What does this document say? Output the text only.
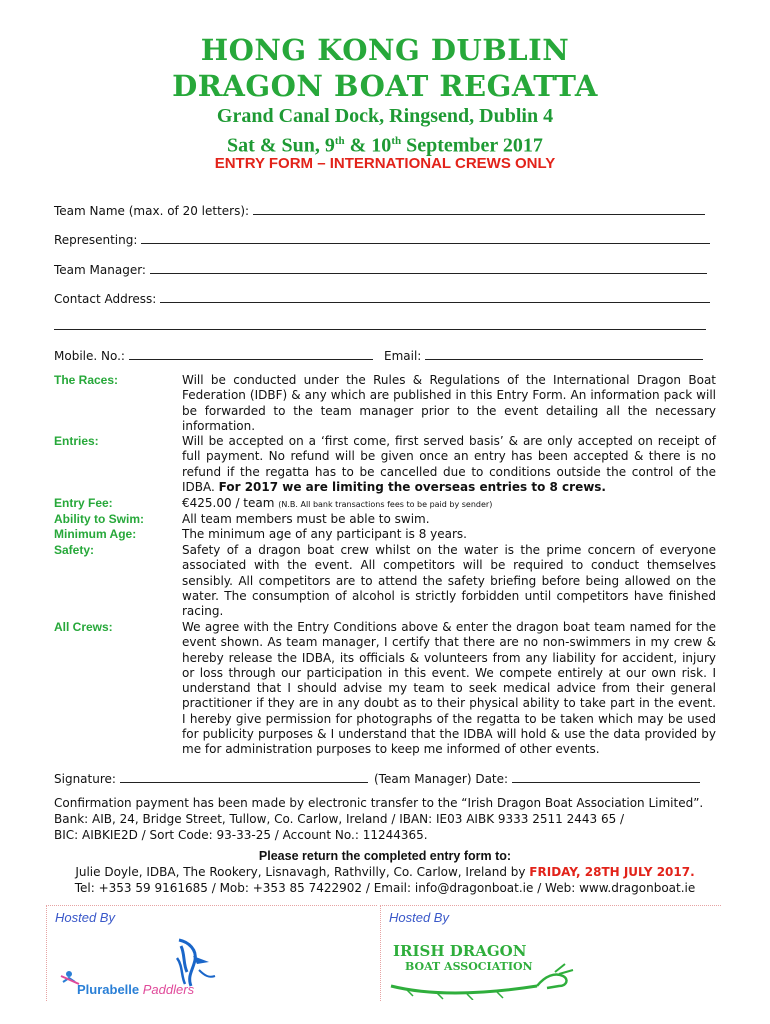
HONG KONG DUBLIN
DRAGON BOAT REGATTA
Grand Canal Dock, Ringsend, Dublin 4
Sat & Sun, 9th & 10th September 2017
ENTRY FORM – INTERNATIONAL CREWS ONLY
Team Name (max. of 20 letters):
Representing:
Team Manager:
Contact Address:
Mobile. No.:	Email:
The Races:	Will be conducted under the Rules & Regulations of the International Dragon Boat Federation (IDBF) & any which are published in this Entry Form. An information pack will be forwarded to the team manager prior to the event detailing all the necessary information.
Entries:	Will be accepted on a ‘first come, first served basis’ & are only accepted on receipt of full payment. No refund will be given once an entry has been accepted & there is no refund if the regatta has to be cancelled due to conditions outside the control of the IDBA. For 2017 we are limiting the overseas entries to 8 crews.
Entry Fee:	€425.00 / team (N.B. All bank transactions fees to be paid by sender)
Ability to Swim:	All team members must be able to swim.
Minimum Age:	The minimum age of any participant is 8 years.
Safety:	Safety of a dragon boat crew whilst on the water is the prime concern of everyone associated with the event. All competitors will be required to conduct themselves sensibly. All competitors are to attend the safety briefing before being allowed on the water. The consumption of alcohol is strictly forbidden until competitors have finished racing.
All Crews:	We agree with the Entry Conditions above & enter the dragon boat team named for the event shown. As team manager, I certify that there are no non-swimmers in my crew & hereby release the IDBA, its officials & volunteers from any liability for accident, injury or loss through our participation in this event. We compete entirely at our own risk. I understand that I should advise my team to seek medical advice from their general practitioner if they are in any doubt as to their physical ability to take part in the event. I hereby give permission for photographs of the regatta to be taken which may be used for publicity purposes & I understand that the IDBA will hold & use the data provided by me for administration purposes to keep me informed of other events.
Signature:	(Team Manager) Date:
Confirmation payment has been made by electronic transfer to the “Irish Dragon Boat Association Limited”.
Bank: AIB, 24, Bridge Street, Tullow, Co. Carlow, Ireland / IBAN: IE03 AIBK 9333 2511 2443 65 /
BIC: AIBKIE2D / Sort Code: 93-33-25 / Account No.: 11244365.
Please return the completed entry form to:
Julie Doyle, IDBA, The Rookery, Lisnavagh, Rathvilly, Co. Carlow, Ireland by FRIDAY, 28TH JULY 2017.
Tel: +353 59 9161685 / Mob: +353 85 7422902 / Email: info@dragonboat.ie / Web: www.dragonboat.ie
Hosted By
Plurabelle Paddlers
Hosted By
IRISH DRAGON
BOAT ASSOCIATION
